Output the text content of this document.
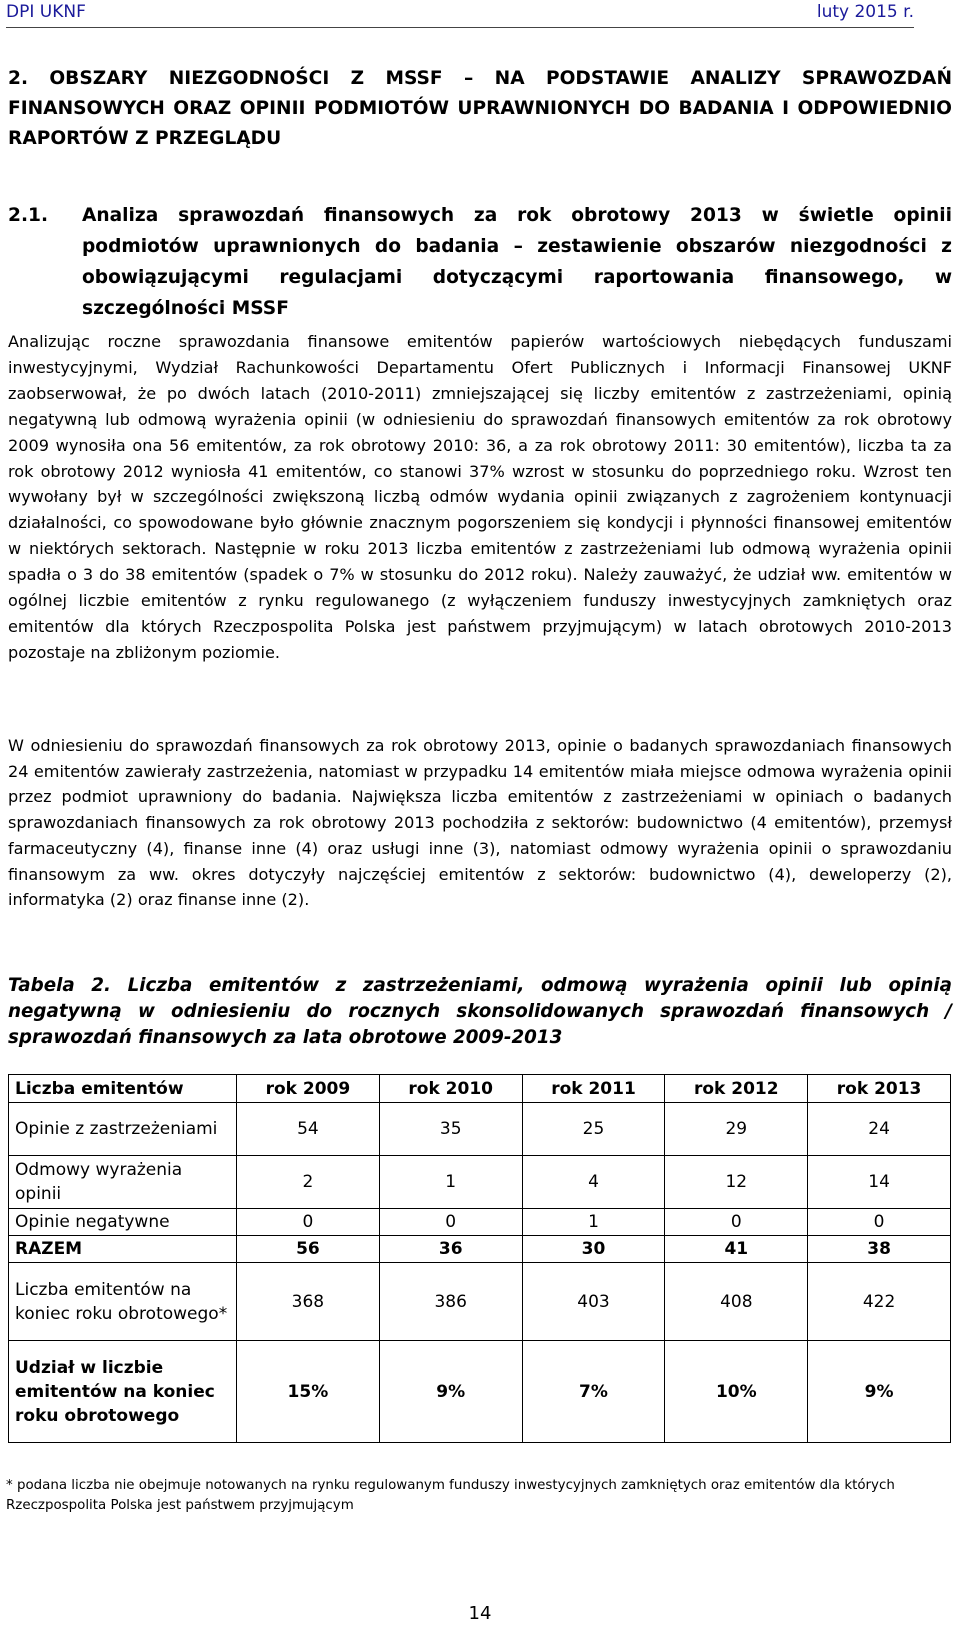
DPI UKNF	luty 2015 r.
2. OBSZARY NIEZGODNOŚCI Z MSSF – NA PODSTAWIE ANALIZY SPRAWOZDAŃ FINANSOWYCH ORAZ OPINII PODMIOTÓW UPRAWNIONYCH DO BADANIA I ODPOWIEDNIO RAPORTÓW Z PRZEGLĄDU
2.1. Analiza sprawozdań finansowych za rok obrotowy 2013 w świetle opinii podmiotów uprawnionych do badania – zestawienie obszarów niezgodności z obowiązującymi regulacjami dotyczącymi raportowania finansowego, w szczególności MSSF
Analizując roczne sprawozdania finansowe emitentów papierów wartościowych niebędących funduszami inwestycyjnymi, Wydział Rachunkowości Departamentu Ofert Publicznych i Informacji Finansowej UKNF zaobserwował, że po dwóch latach (2010-2011) zmniejszającej się liczby emitentów z zastrzeżeniami, opinią negatywną lub odmową wyrażenia opinii (w odniesieniu do sprawozdań finansowych emitentów za rok obrotowy 2009 wynosiła ona 56 emitentów, za rok obrotowy 2010: 36, a za rok obrotowy 2011: 30 emitentów), liczba ta za rok obrotowy 2012 wyniosła 41 emitentów, co stanowi 37% wzrost w stosunku do poprzedniego roku. Wzrost ten wywołany był w szczególności zwiększoną liczbą odmów wydania opinii związanych z zagrożeniem kontynuacji działalności, co spowodowane było głównie znacznym pogorszeniem się kondycji i płynności finansowej emitentów w niektórych sektorach. Następnie w roku 2013 liczba emitentów z zastrzeżeniami lub odmową wyrażenia opinii spadła o 3 do 38 emitentów (spadek o 7% w stosunku do 2012 roku). Należy zauważyć, że udział ww. emitentów w ogólnej liczbie emitentów z rynku regulowanego (z wyłączeniem funduszy inwestycyjnych zamkniętych oraz emitentów dla których Rzeczpospolita Polska jest państwem przyjmującym) w latach obrotowych 2010-2013 pozostaje na zbliżonym poziomie.
W odniesieniu do sprawozdań finansowych za rok obrotowy 2013, opinie o badanych sprawozdaniach finansowych 24 emitentów zawierały zastrzeżenia, natomiast w przypadku 14 emitentów miała miejsce odmowa wyrażenia opinii przez podmiot uprawniony do badania. Największa liczba emitentów z zastrzeżeniami w opiniach o badanych sprawozdaniach finansowych za rok obrotowy 2013 pochodziła z sektorów: budownictwo (4 emitentów), przemysł farmaceutyczny (4), finanse inne (4) oraz usługi inne (3), natomiast odmowy wyrażenia opinii o sprawozdaniu finansowym za ww. okres dotyczyły najczęściej emitentów z sektorów: budownictwo (4), deweloperzy (2), informatyka (2) oraz finanse inne (2).
Tabela 2. Liczba emitentów z zastrzeżeniami, odmową wyrażenia opinii lub opinią negatywną w odniesieniu do rocznych skonsolidowanych sprawozdań finansowych / sprawozdań finansowych za lata obrotowe 2009-2013
Liczba emitentów	rok 2009	rok 2010	rok 2011	rok 2012	rok 2013
Opinie z zastrzeżeniami	54	35	25	29	24
Odmowy wyrażenia opinii	2	1	4	12	14
Opinie negatywne	0	0	1	0	0
RAZEM	56	36	30	41	38
Liczba emitentów na koniec roku obrotowego*	368	386	403	408	422
Udział w liczbie emitentów na koniec roku obrotowego	15%	9%	7%	10%	9%
* podana liczba nie obejmuje notowanych na rynku regulowanym funduszy inwestycyjnych zamkniętych oraz emitentów dla których Rzeczpospolita Polska jest państwem przyjmującym
14
